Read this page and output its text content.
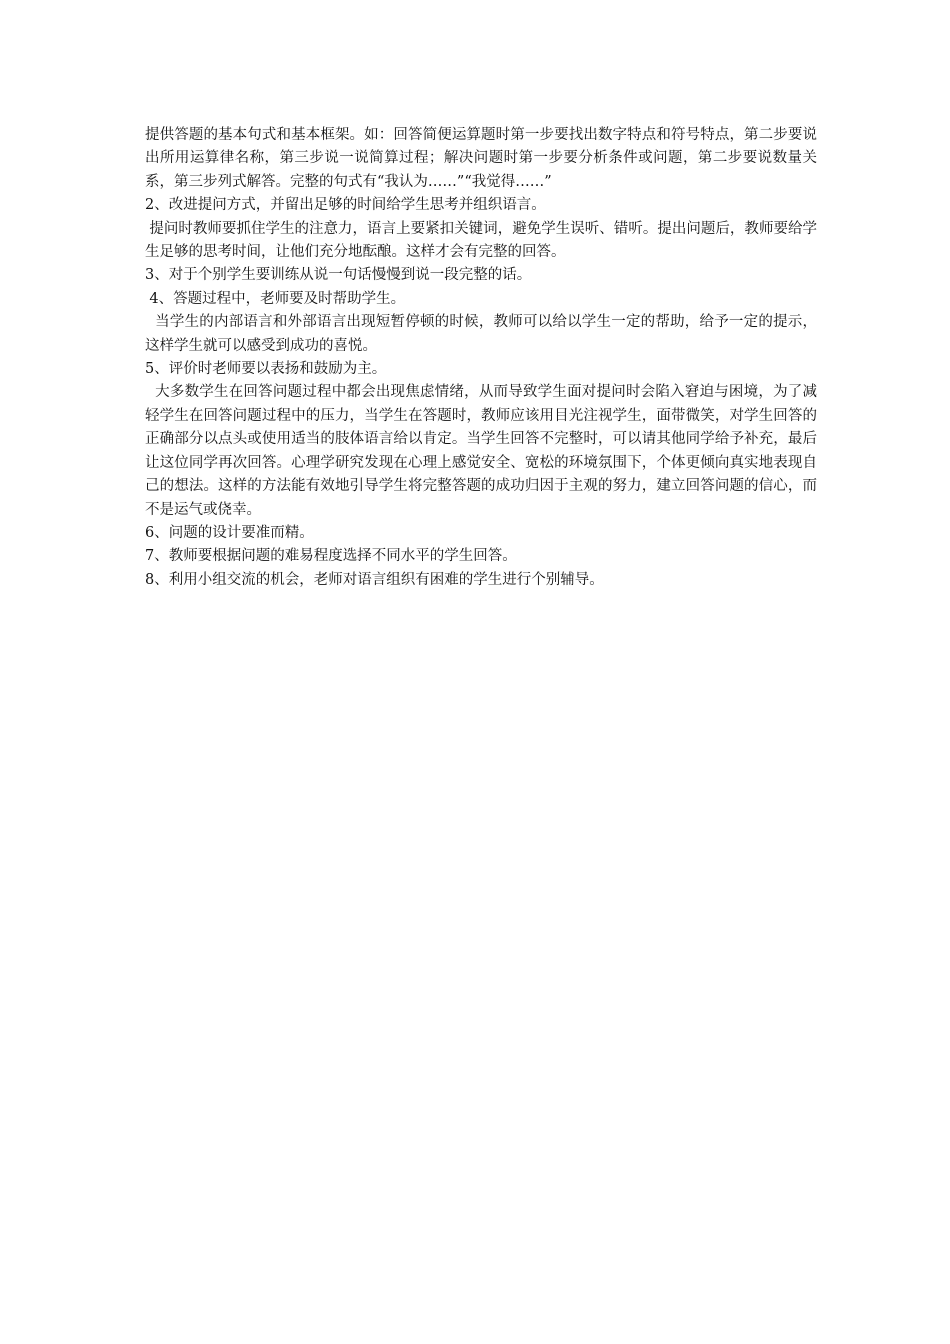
提供答题的基本句式和基本框架。如：回答简便运算题时第一步要找出数字特点和符号特点，第二步要说出所用运算律名称，第三步说一说简算过程；解决问题时第一步要分析条件或问题，第二步要说数量关系，第三步列式解答。完整的句式有“我认为……”“我觉得……”

2、改进提问方式，并留出足够的时间给学生思考并组织语言。

提问时教师要抓住学生的注意力，语言上要紧扣关键词，避免学生误听、错听。提出问题后，教师要给学生足够的思考时间，让他们充分地酝酿。这样才会有完整的回答。

3、对于个别学生要训练从说一句话慢慢到说一段完整的话。

4、答题过程中，老师要及时帮助学生。

当学生的内部语言和外部语言出现短暂停顿的时候，教师可以给以学生一定的帮助，给予一定的提示，这样学生就可以感受到成功的喜悦。

5、评价时老师要以表扬和鼓励为主。

大多数学生在回答问题过程中都会出现焦虑情绪，从而导致学生面对提问时会陷入窘迫与困境，为了减轻学生在回答问题过程中的压力，当学生在答题时，教师应该用目光注视学生，面带微笑，对学生回答的正确部分以点头或使用适当的肢体语言给以肯定。当学生回答不完整时，可以请其他同学给予补充，最后让这位同学再次回答。心理学研究发现在心理上感觉安全、宽松的环境氛围下，个体更倾向真实地表现自己的想法。这样的方法能有效地引导学生将完整答题的成功归因于主观的努力，建立回答问题的信心，而不是运气或侥幸。

6、问题的设计要准而精。

7、教师要根据问题的难易程度选择不同水平的学生回答。

8、利用小组交流的机会，老师对语言组织有困难的学生进行个别辅导。
